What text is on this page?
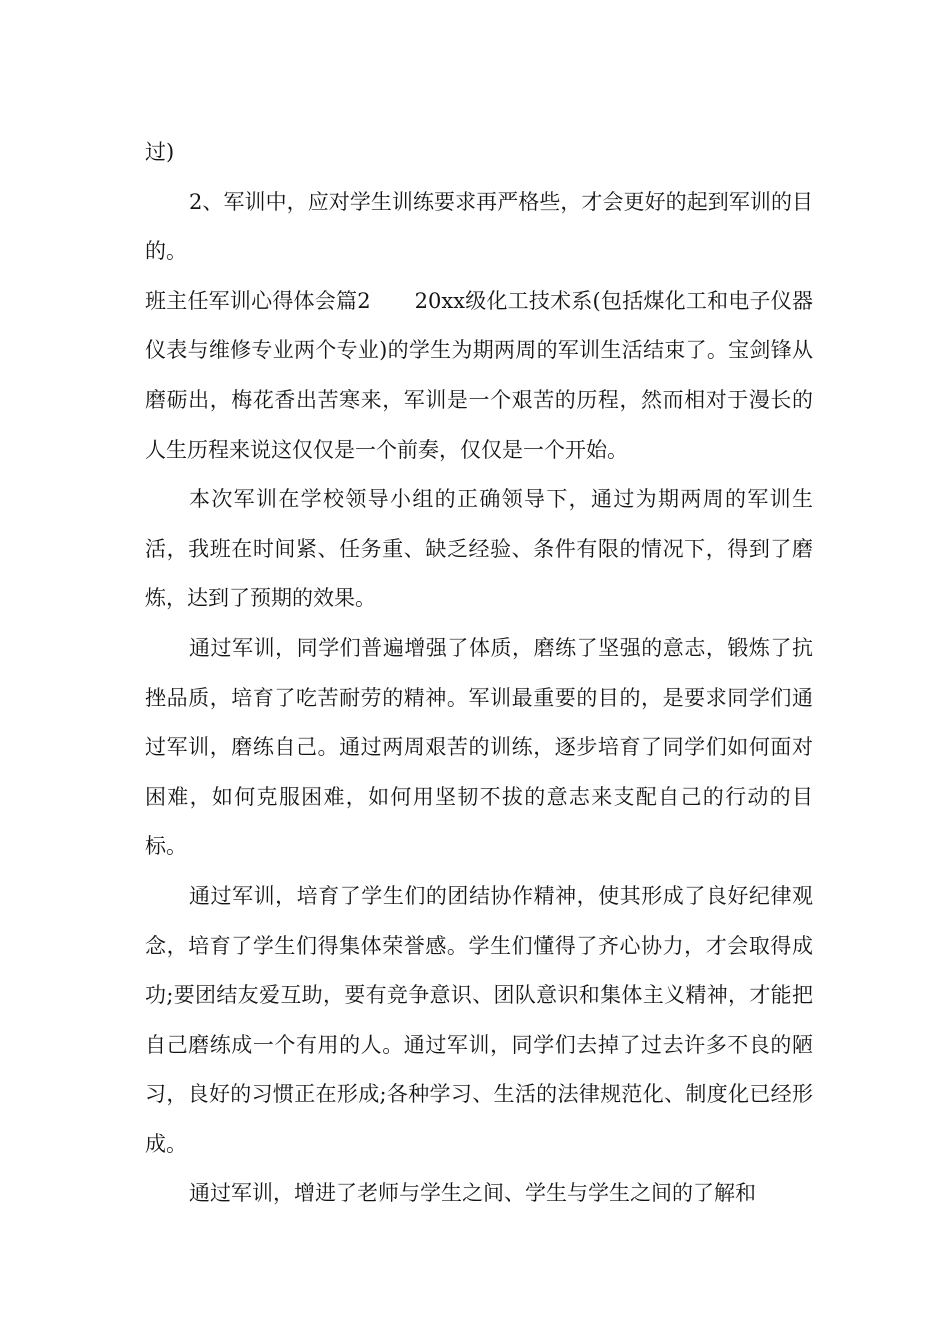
过)

2、军训中，应对学生训练要求再严格些，才会更好的起到军训的目的。

班主任军训心得体会篇2 20xx级化工技术系(包括煤化工和电子仪器仪表与维修专业两个专业)的学生为期两周的军训生活结束了。宝剑锋从磨砺出，梅花香出苦寒来，军训是一个艰苦的历程，然而相对于漫长的人生历程来说这仅仅是一个前奏，仅仅是一个开始。

本次军训在学校领导小组的正确领导下，通过为期两周的军训生活，我班在时间紧、任务重、缺乏经验、条件有限的情况下，得到了磨炼，达到了预期的效果。

通过军训，同学们普遍增强了体质，磨练了坚强的意志，锻炼了抗挫品质，培育了吃苦耐劳的精神。军训最重要的目的，是要求同学们通过军训，磨练自己。通过两周艰苦的训练，逐步培育了同学们如何面对困难，如何克服困难，如何用坚韧不拔的意志来支配自己的行动的目标。

通过军训，培育了学生们的团结协作精神，使其形成了良好纪律观念，培育了学生们得集体荣誉感。学生们懂得了齐心协力，才会取得成功;要团结友爱互助，要有竞争意识、团队意识和集体主义精神，才能把自己磨练成一个有用的人。通过军训，同学们去掉了过去许多不良的陋习，良好的习惯正在形成;各种学习、生活的法律规范化、制度化已经形成。

通过军训，增进了老师与学生之间、学生与学生之间的了解和
